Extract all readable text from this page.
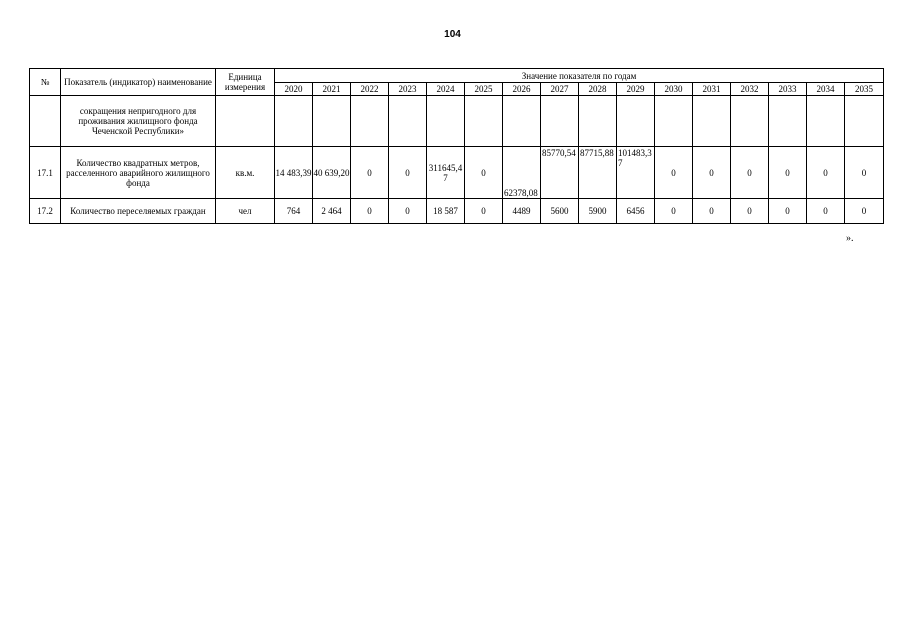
104
№	Показатель (индикатор) наименование	Единица измерения	Значение показателя по годам															
			2020	2021	2022	2023	2024	2025	2026	2027	2028	2029	2030	2031	2032	2033	2034	2035
	сокращения непригодного для проживания жилищного фонда Чеченской Республики»																	
17.1	Количество квадратных метров, расселенного аварийного жилищного фонда	кв.м.	14 483,39	40 639,20	0	0	311645,47	0	62378,08	85770,54	87715,88	101483,37	0	0	0	0	0	0
17.2	Количество переселяемых граждан	чел	764	2 464	0	0	18 587	0	4489	5600	5900	6456	0	0	0	0	0	0
».
